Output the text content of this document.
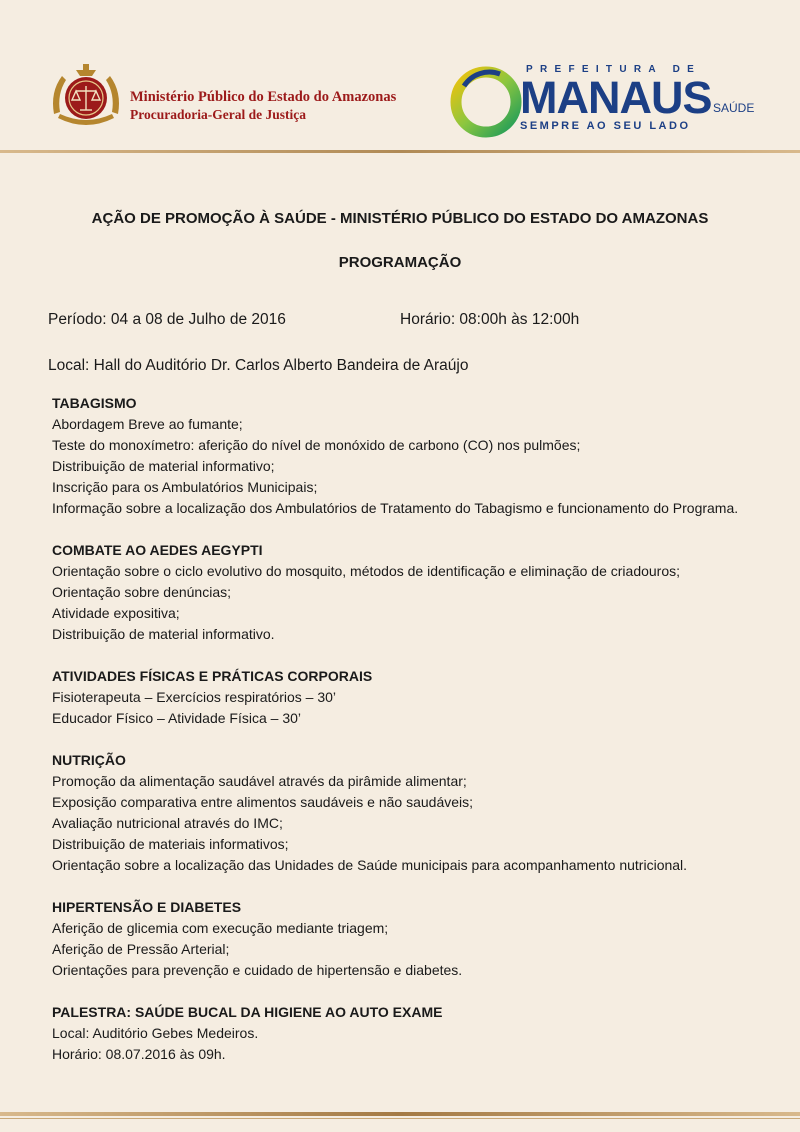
Ministério Público do Estado do Amazonas
Procuradoria-Geral de Justiça
PREFEITURA DE
MANAUS
SEMPRE AO SEU LADO
SAÚDE
AÇÃO DE PROMOÇÃO À SAÚDE - MINISTÉRIO PÚBLICO DO ESTADO DO AMAZONAS
PROGRAMAÇÃO
Período: 04 a 08 de Julho de 2016	Horário: 08:00h às 12:00h
Local: Hall do Auditório Dr. Carlos Alberto Bandeira de Araújo
TABAGISMO

Abordagem Breve ao fumante;

Teste do monoxímetro: aferição do nível de monóxido de carbono (CO) nos pulmões;

Distribuição de material informativo;

Inscrição para os Ambulatórios Municipais;

Informação sobre a localização dos Ambulatórios de Tratamento do Tabagismo e funcionamento do Programa.

COMBATE AO AEDES AEGYPTI

Orientação sobre o ciclo evolutivo do mosquito, métodos de identificação e eliminação de criadouros;

Orientação sobre denúncias;

Atividade expositiva;

Distribuição de material informativo.

ATIVIDADES FÍSICAS E PRÁTICAS CORPORAIS

Fisioterapeuta – Exercícios respiratórios – 30’

Educador Físico – Atividade Física – 30’

NUTRIÇÃO

Promoção da alimentação saudável através da pirâmide alimentar;

Exposição comparativa entre alimentos saudáveis e não saudáveis;

Avaliação nutricional através do IMC;

Distribuição de materiais informativos;

Orientação sobre a localização das Unidades de Saúde municipais para acompanhamento nutricional.

HIPERTENSÃO E DIABETES

Aferição de glicemia com execução mediante triagem;

Aferição de Pressão Arterial;

Orientações para prevenção e cuidado de hipertensão e diabetes.

PALESTRA: SAÚDE BUCAL DA HIGIENE AO AUTO EXAME

Local: Auditório Gebes Medeiros.

Horário: 08.07.2016 às 09h.
